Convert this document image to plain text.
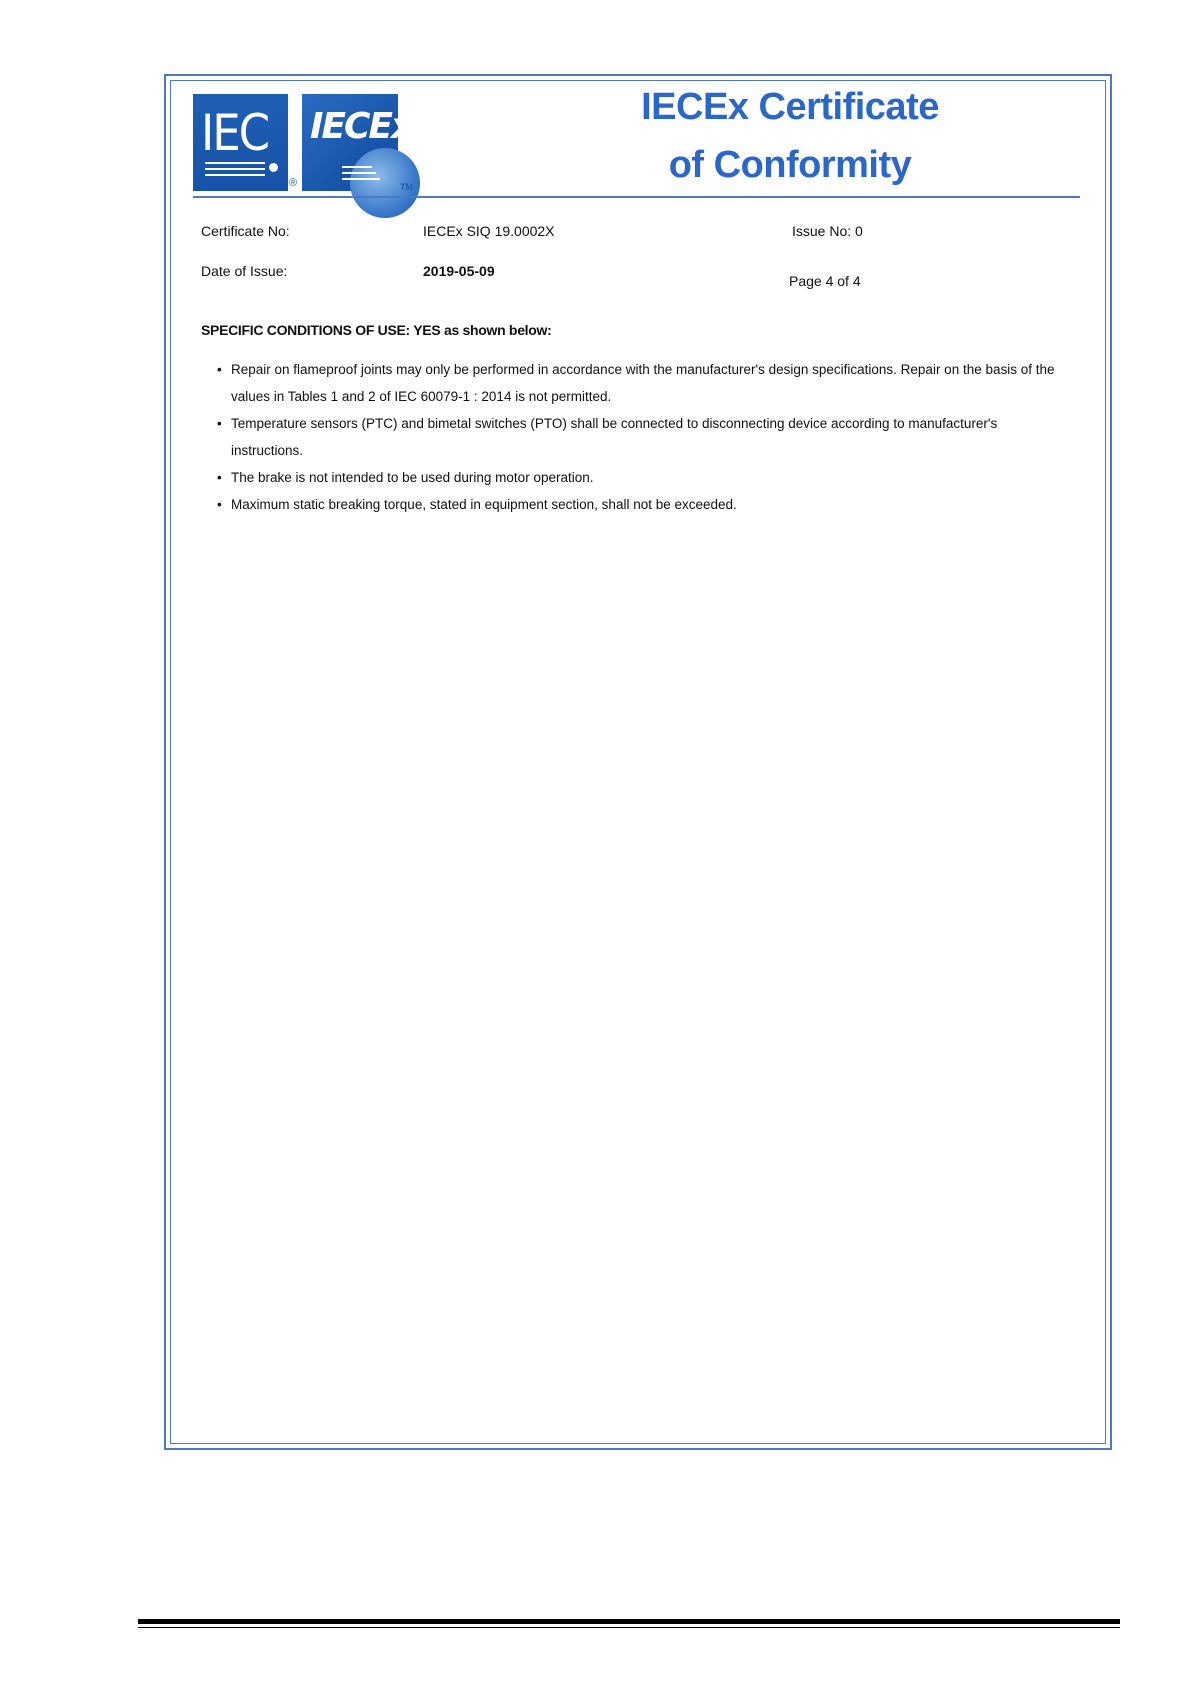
IEC
®
IECEx
TM
IECEx Certificate
of Conformity
Certificate No:	IECEx SIQ 19.0002X	Issue No: 0
Date of Issue:	2019-05-09
Page 4 of 4
SPECIFIC CONDITIONS OF USE: YES as shown below:
• Repair on flameproof joints may only be performed in accordance with the manufacturer's design specifications. Repair on the basis of the values in Tables 1 and 2 of IEC 60079-1 : 2014 is not permitted.
• Temperature sensors (PTC) and bimetal switches (PTO) shall be connected to disconnecting device according to manufacturer's instructions.
• The brake is not intended to be used during motor operation.
• Maximum static breaking torque, stated in equipment section, shall not be exceeded.
